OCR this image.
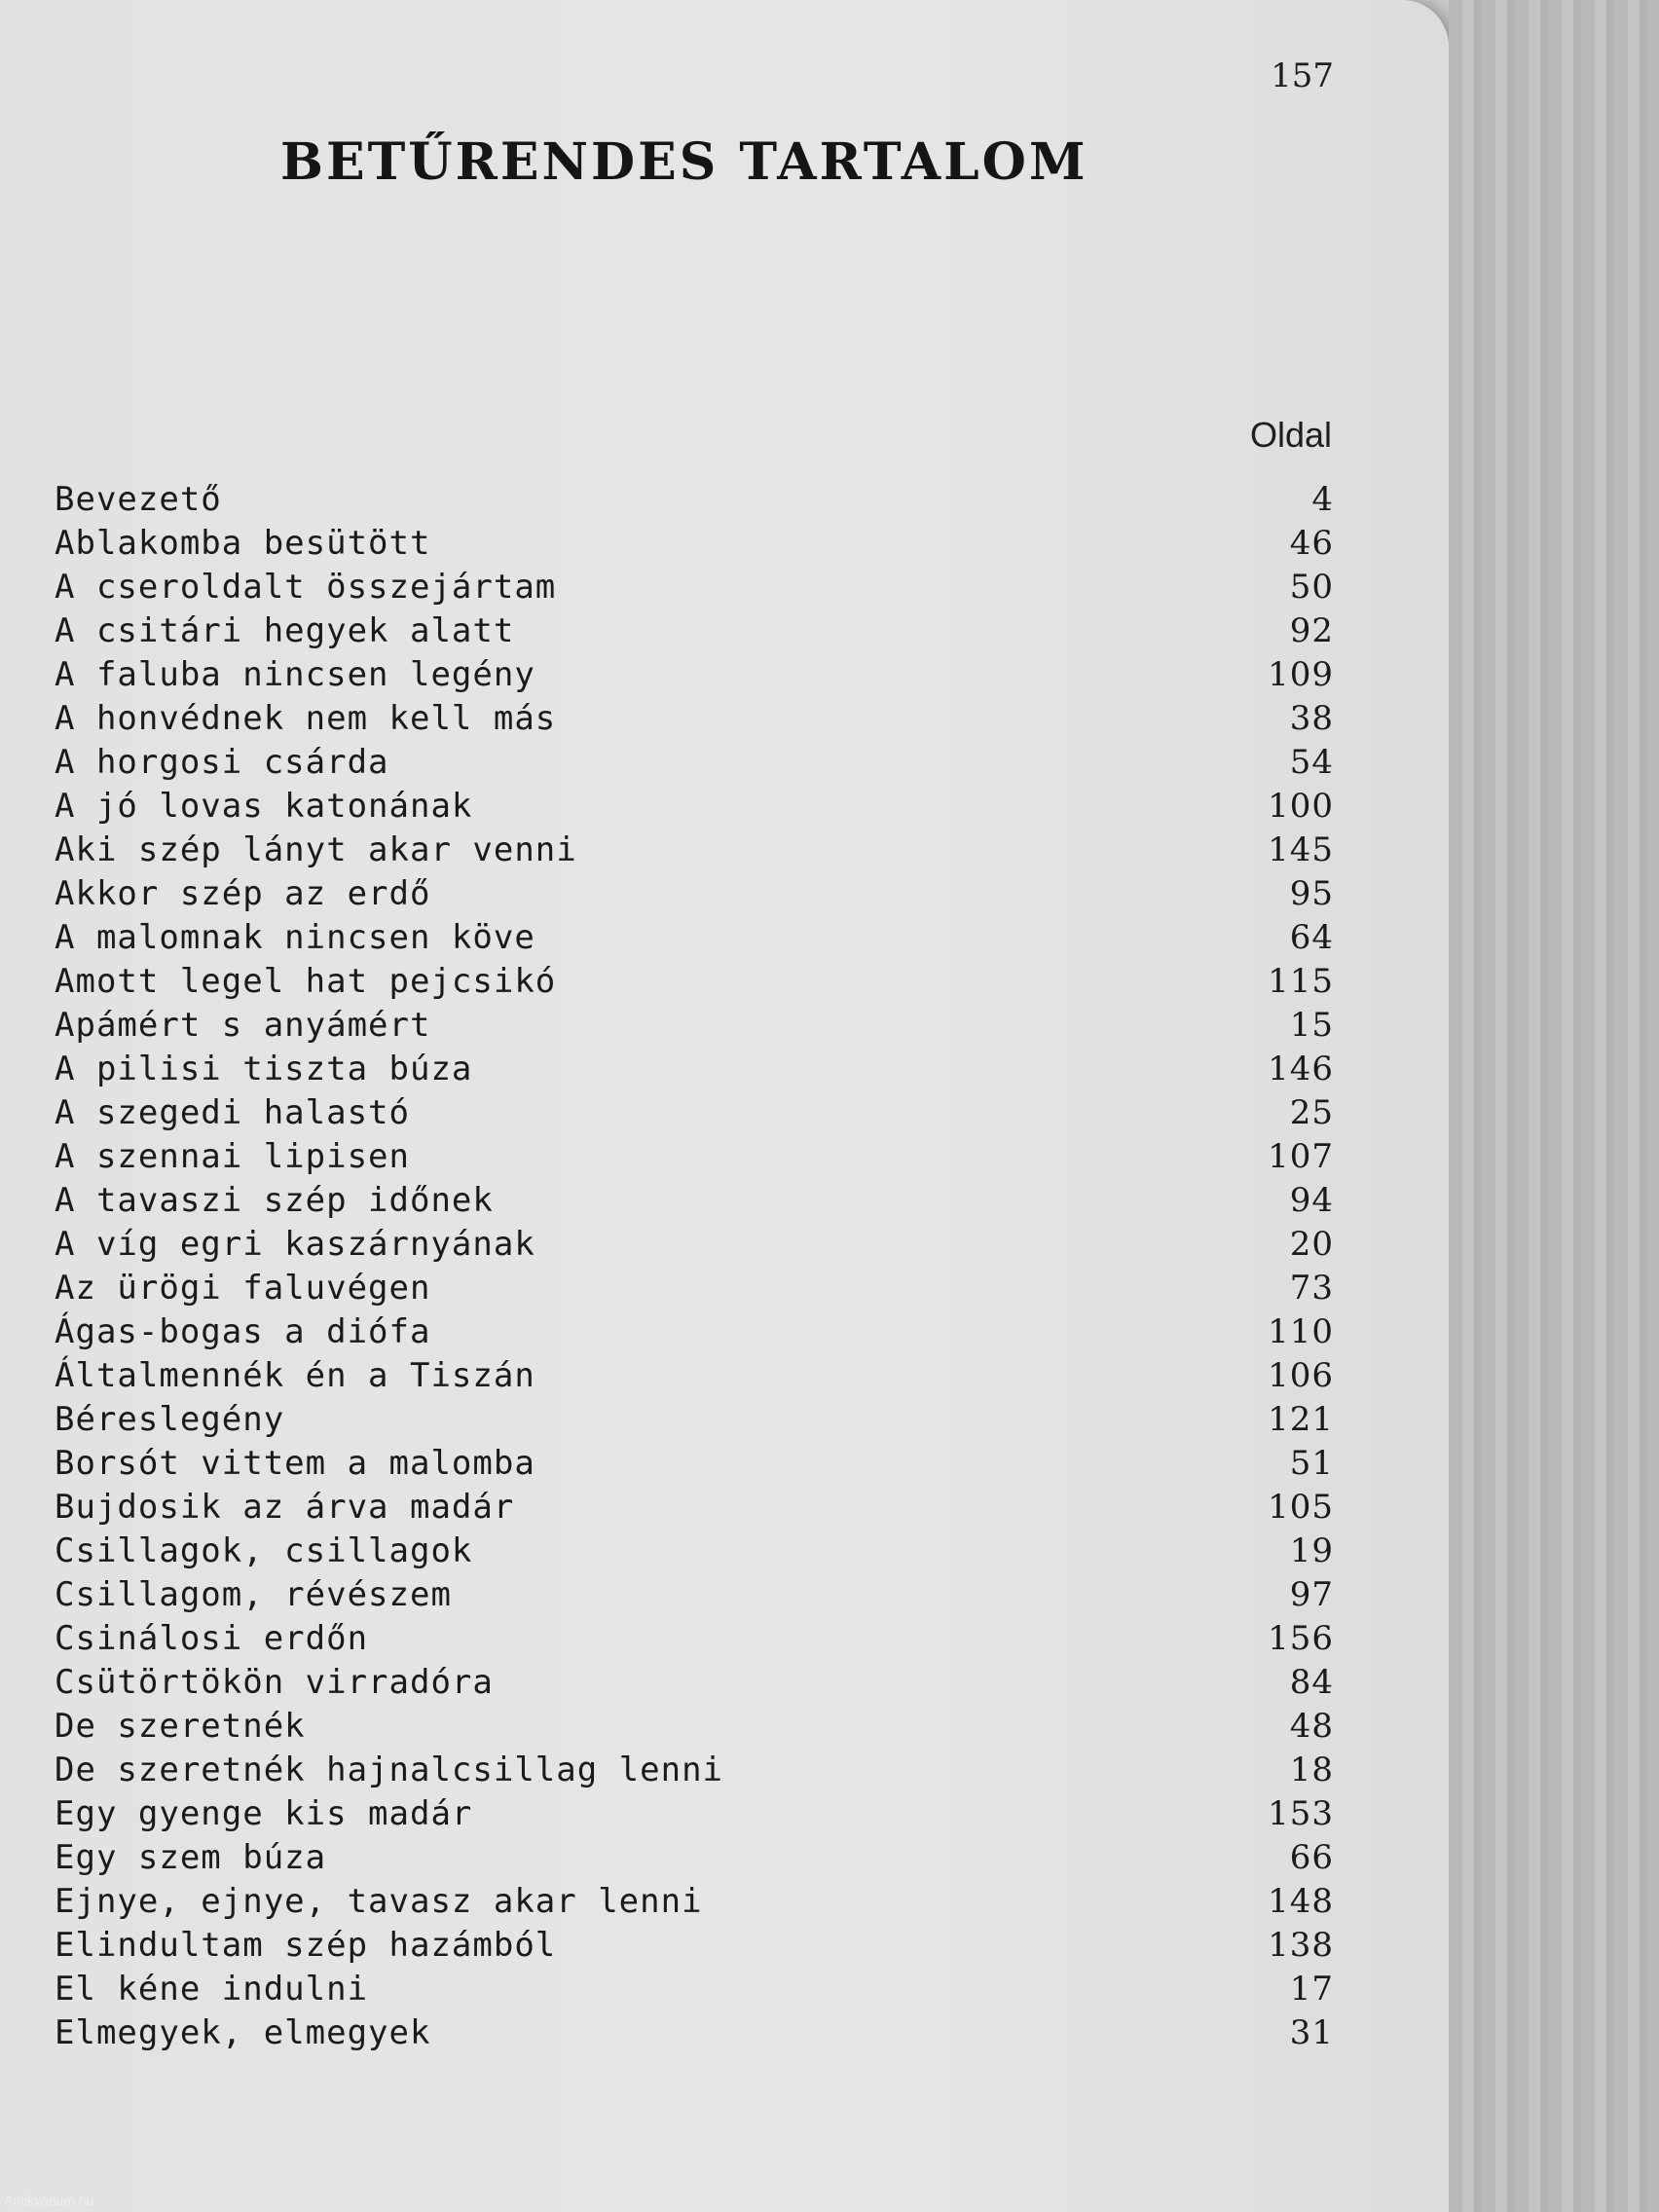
157
BETŰRENDES TARTALOM
Oldal
Bevezető	4
Ablakomba besütött	46
A cseroldalt összejártam	50
A csitári hegyek alatt	92
A faluba nincsen legény	109
A honvédnek nem kell más	38
A horgosi csárda	54
A jó lovas katonának	100
Aki szép lányt akar venni	145
Akkor szép az erdő	95
A malomnak nincsen köve	64
Amott legel hat pejcsikó	115
Apámért s anyámért	15
A pilisi tiszta búza	146
A szegedi halastó	25
A szennai lipisen	107
A tavaszi szép időnek	94
A víg egri kaszárnyának	20
Az ürögi faluvégen	73
Ágas-bogas a diófa	110
Általmennék én a Tiszán	106
Béreslegény	121
Borsót vittem a malomba	51
Bujdosik az árva madár	105
Csillagok, csillagok	19
Csillagom, révészem	97
Csinálosi erdőn	156
Csütörtökön virradóra	84
De szeretnék	48
De szeretnék hajnalcsillag lenni	18
Egy gyenge kis madár	153
Egy szem búza	66
Ejnye, ejnye, tavasz akar lenni	148
Elindultam szép hazámból	138
El kéne indulni	17
Elmegyek, elmegyek	31
Antikvárium.hu
